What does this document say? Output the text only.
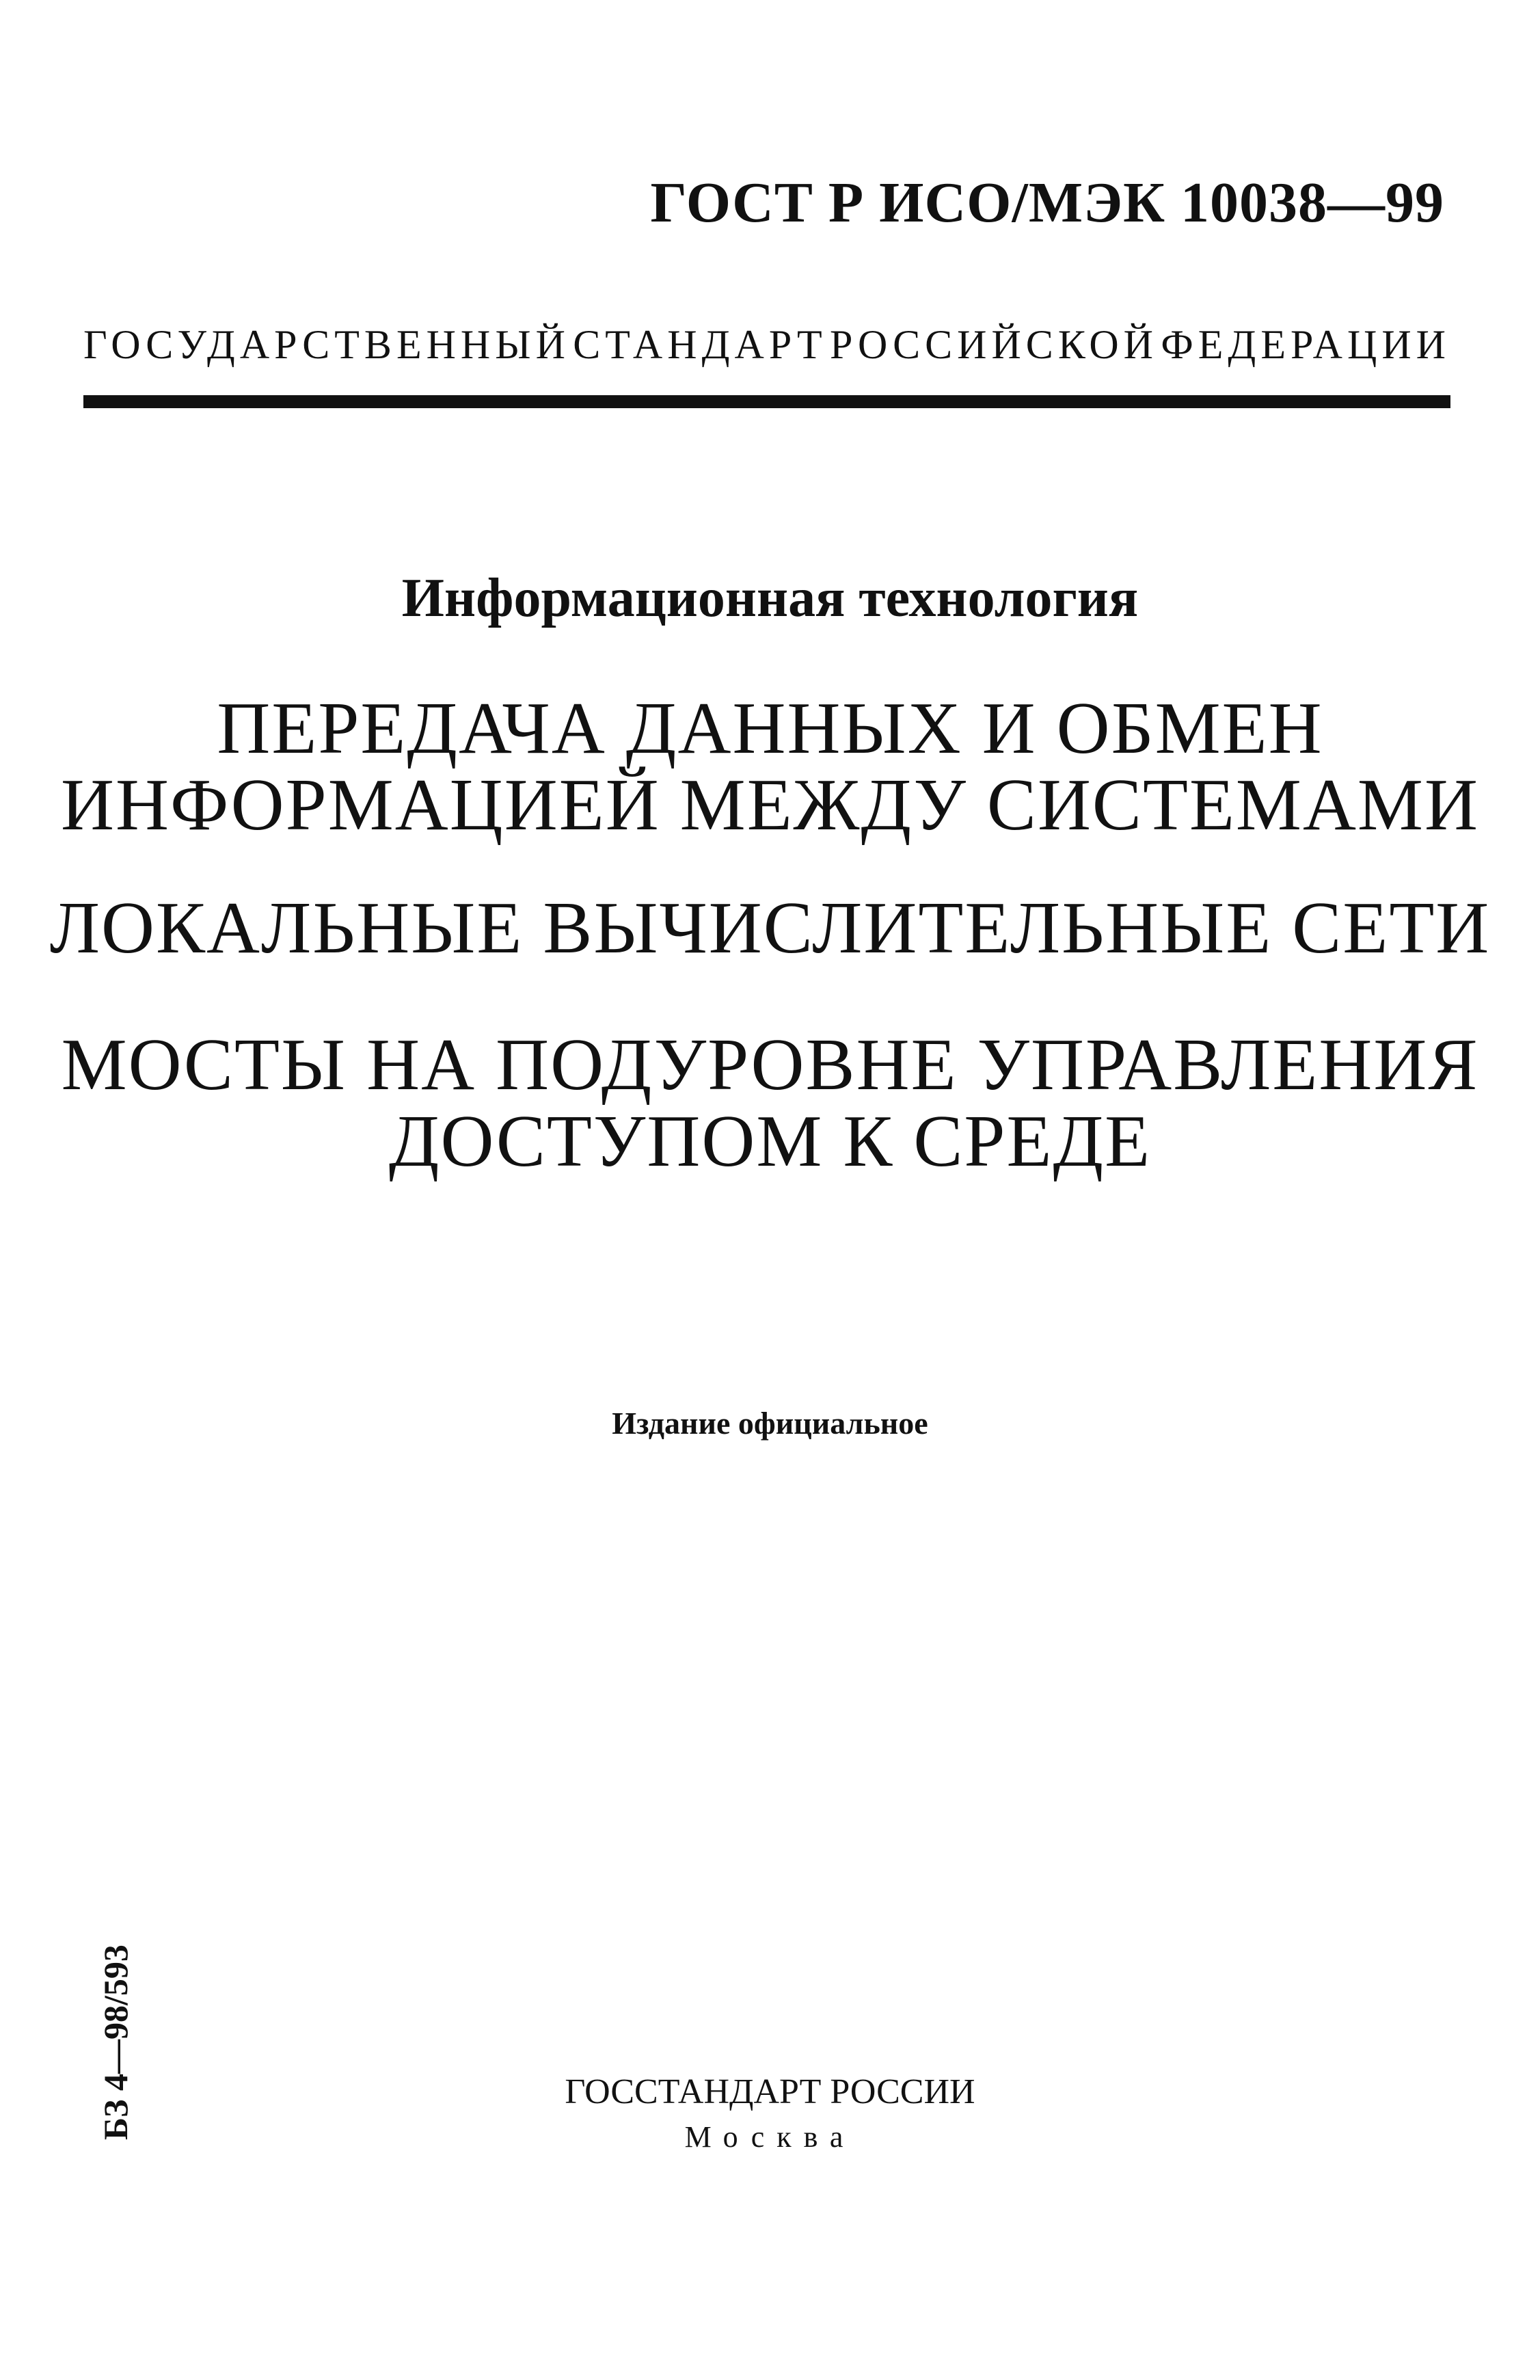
ГОСТ Р ИСО/МЭК 10038—99
ГОСУДАРСТВЕННЫЙ СТАНДАРТ РОССИЙСКОЙ ФЕДЕРАЦИИ
Информационная технология
ПЕРЕДАЧА ДАННЫХ И ОБМЕН
ИНФОРМАЦИЕЙ МЕЖДУ СИСТЕМАМИ
ЛОКАЛЬНЫЕ ВЫЧИСЛИТЕЛЬНЫЕ СЕТИ
МОСТЫ НА ПОДУРОВНЕ УПРАВЛЕНИЯ
ДОСТУПОМ К СРЕДЕ
Издание официальное
БЗ 4—98/593	ГОССТАНДАРТ РОССИИ
Москва
